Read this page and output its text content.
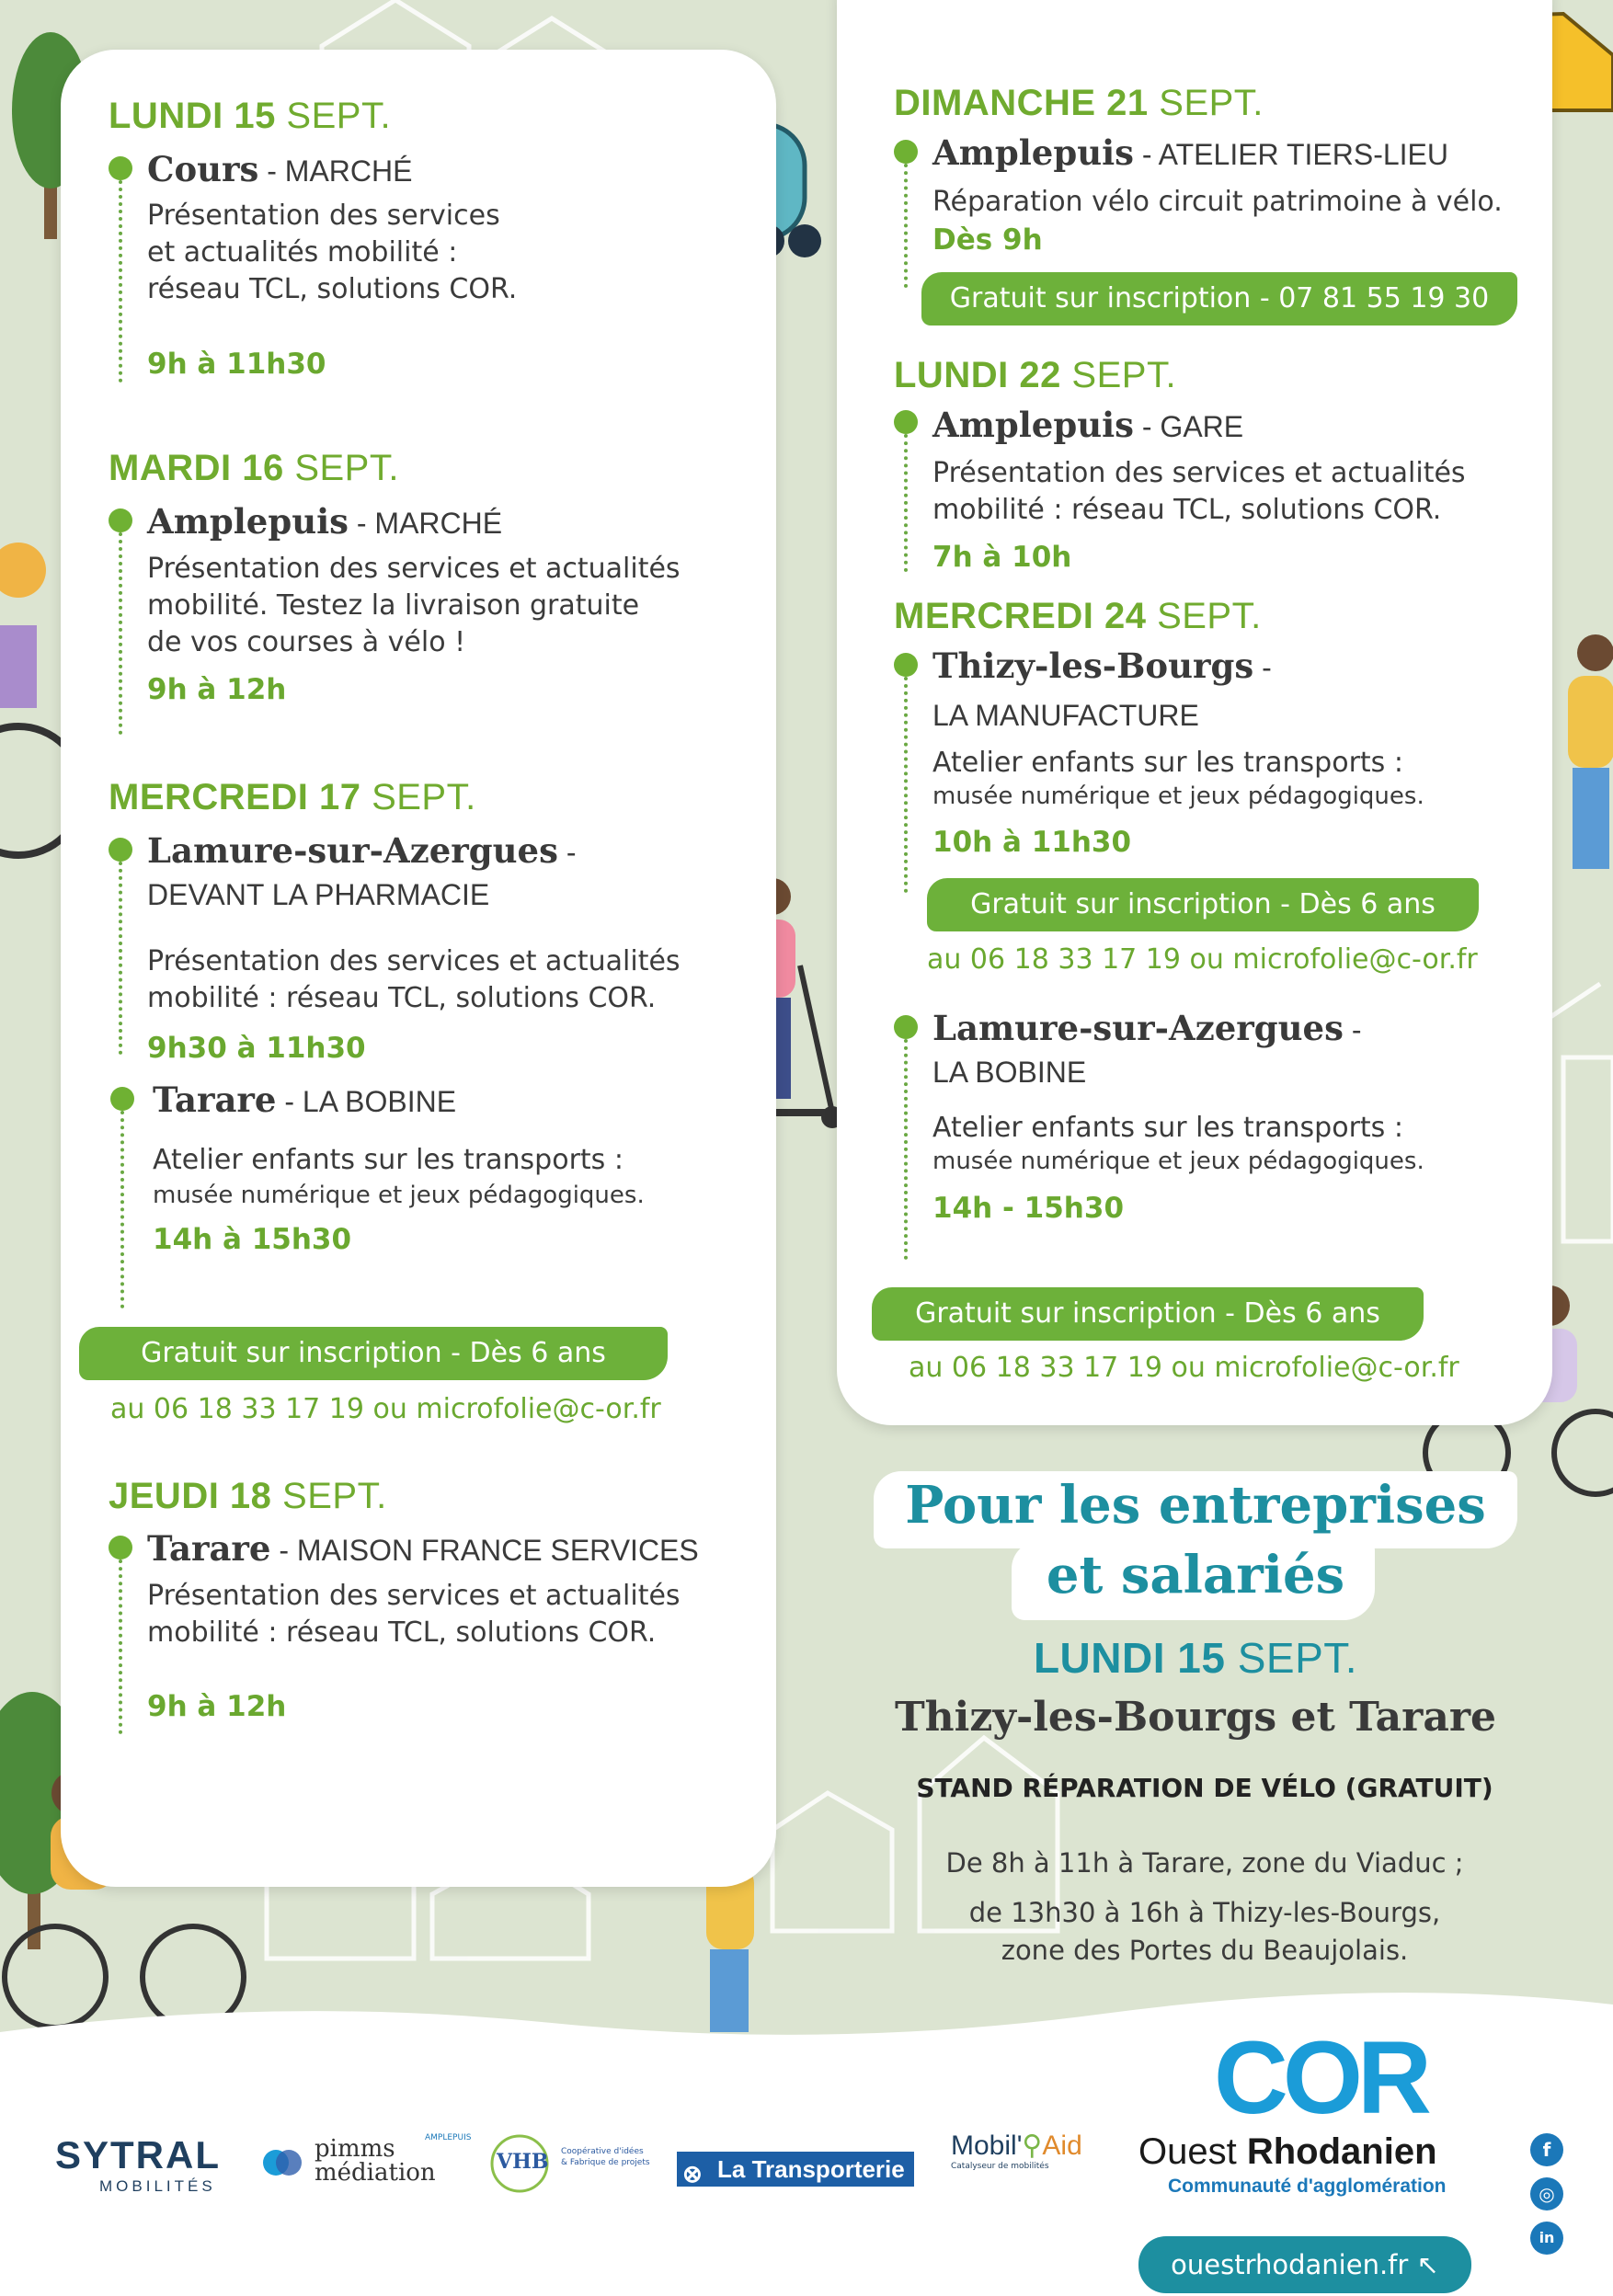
LUNDI 15 SEPT.
Cours - MARCHÉ
Présentation des services
et actualités mobilité :
réseau TCL, solutions COR.
9h à 11h30
MARDI 16 SEPT.
Amplepuis - MARCHÉ
Présentation des services et actualités
mobilité. Testez la livraison gratuite
de vos courses à vélo !
9h à 12h
MERCREDI 17 SEPT.
Lamure-sur-Azergues -
DEVANT LA PHARMACIE
Présentation des services et actualités
mobilité : réseau TCL, solutions COR.
9h30 à 11h30
Tarare - LA BOBINE
Atelier enfants sur les transports :
musée numérique et jeux pédagogiques.
14h à 15h30
Gratuit sur inscription - Dès 6 ans
au 06 18 33 17 19 ou microfolie@c-or.fr
JEUDI 18 SEPT.
Tarare - MAISON FRANCE SERVICES
Présentation des services et actualités
mobilité : réseau TCL, solutions COR.
9h à 12h
DIMANCHE 21 SEPT.
Amplepuis - ATELIER TIERS-LIEU
Réparation vélo circuit patrimoine à vélo.
Dès 9h
Gratuit sur inscription - 07 81 55 19 30
LUNDI 22 SEPT.
Amplepuis - GARE
Présentation des services et actualités
mobilité : réseau TCL, solutions COR.
7h à 10h
MERCREDI 24 SEPT.
Thizy-les-Bourgs -
LA MANUFACTURE
Atelier enfants sur les transports :
musée numérique et jeux pédagogiques.
10h à 11h30
Gratuit sur inscription - Dès 6 ans
au 06 18 33 17 19 ou microfolie@c-or.fr
Lamure-sur-Azergues -
LA BOBINE
Atelier enfants sur les transports :
musée numérique et jeux pédagogiques.
14h - 15h30
Gratuit sur inscription - Dès 6 ans
au 06 18 33 17 19 ou microfolie@c-or.fr
Pour les entreprises
et salariés
LUNDI 15 SEPT.
Thizy-les-Bourgs et Tarare
STAND RÉPARATION DE VÉLO (GRATUIT)
De 8h à 11h à Tarare, zone du Viaduc ;
de 13h30 à 16h à Thizy-les-Bourgs,
zone des Portes du Beaujolais.
SYTRAL
MOBILITÉS
pimms
médiation
AMPLEPUIS
VHB Coopérative d'idées
& Fabrique de projets ⊗ La Transporterie
Mobil'⚲Aid
Catalyseur de mobilités
COR
Ouest Rhodanien
Communauté d'agglomération
f
◎
in
ouestrhodanien.fr ↖
